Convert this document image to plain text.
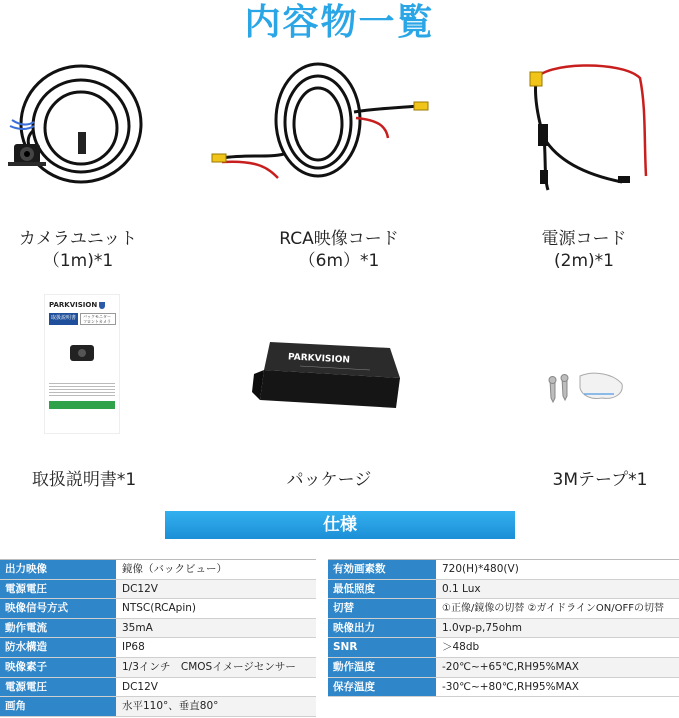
内容物一覧
カメラユニット
（1m)*1
RCA映像コード
（6m）*1
電源コード
(2m)*1
PARKVISION
取扱説明書	バックモニター フロントカメラ
取扱説明書*1
PARKVISION
パッケージ	3Mテープ*1
仕様
出力映像	鏡像（バックビュー）
電源電圧	DC12V
映像信号方式	NTSC(RCApin)
動作電流	35mA
防水構造	IP68
映像素子	1/3インチ　CMOSイメージセンサー
電源電圧	DC12V
画角	水平110°、垂直80°
有効画素数	720(H)*480(V)
最低照度	0.1 Lux
切替	①正像/鏡像の切替 ②ガイドラインON/OFFの切替
映像出力	1.0vp-p,75ohm
SNR	＞48db
動作温度	-20℃~+65℃,RH95%MAX
保存温度	-30℃~+80℃,RH95%MAX
